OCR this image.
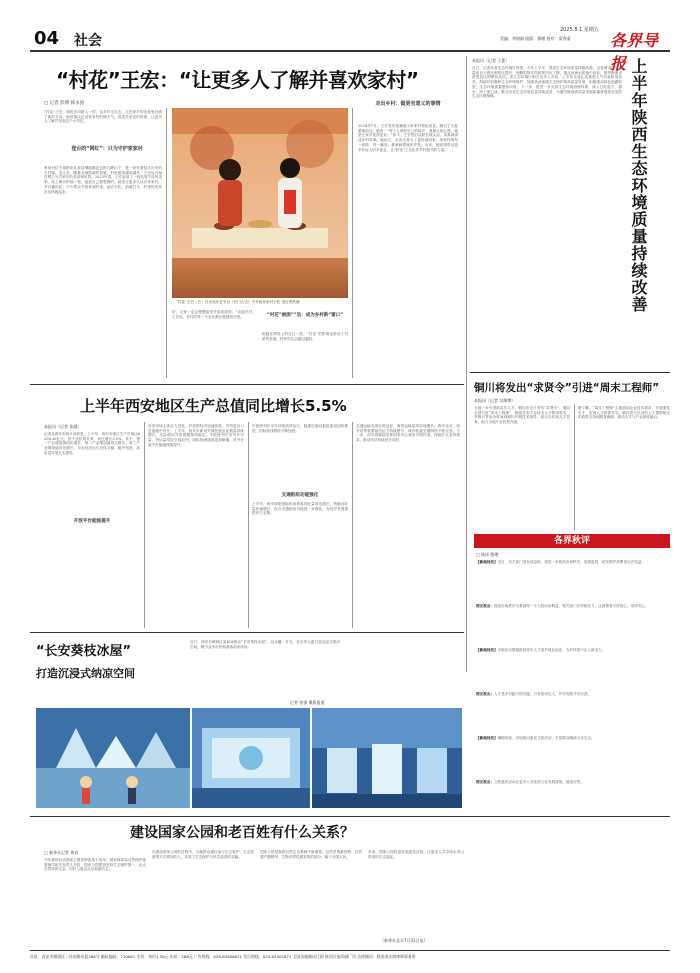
04 社会
2025.8.1 星期五
美编：李娟娟 组版：邢雁 校对：梁秀丽 各界导报
“村花”王宏：“让更多人了解并喜欢家村”
□ 记者 彭博 韩永国
“村花”王宏，和很多同龄人一样，从乡村走出去，又在家乡的变化里找到了新的方向。她用镜头记录家家村的烟火气，讲述乡亲们的故事，让更多人了解并喜欢这个小村庄。
登台的“网红”：只为守护家家村
家家村位于咸阳市礼泉县烟霞镇北边的九嵕山下，是一处有着悠久历史的古村落。近几年，随着全域旅游的发展，村里游客越来越多，王宏也开始在网上分享家乡的美食和风景。2023年春，王宏参加了一档电视节目的录制，站上舞台的那一刻，她说自己最想做的，就是让更多人认识家家村。节目播出后，不少观众专程来到村里，品尝小吃、拍照打卡，村里的农家乐也热闹起来。
“村花”王宏（右）在央视综艺节目《开门大吉》中介绍家家村小吃 受访者供图
好，大家一定会慢慢接受并喜欢我的。”谈起乡村，王宏说，乡村的每一个变化都让她感到自豪。	“村花”被困“”后：成为乡村新“窗口”
和她在网络上的走红一样，“村花”的影响也带动了村里的发展，村民的生活越过越好。
走出乡村：做更有意义的事情
2024年7月，王宏发布视频展示家家村特色美食，吸引了大批游客前往。她说：“每个人都有自己的故乡，我最大的心愿，就是让家乡变得更好。”如今，王宏依旧活跃在镜头前，用真诚讲述乡村故事。她坦言，走出去是为了更好地回来，家家村的每一块砖、每一碗饭，都承载着她的乡愁。未来，她希望带动更多年轻人回乡创业，让“村花”之名化作乡村振兴的力量。
本报讯（记者 王蕾）
近日，记者从省生态环境厅获悉，今年上半年，我省生态环境质量持续改善。全省城市空气质量优良天数比例同比提升，细颗粒物平均浓度同比下降，重点河流水质稳中向好，国考断面水质优良比例保持高位。省生态环境厅相关负责人介绍，上半年全省扎实推进大气污染防治攻坚，持续开展秦岭生态环境保护，加强黄河流域生态保护和高质量发展，积极推动绿色低碳转型，生态环境质量整体向好。下一步，将进一步完善生态环境治理体系，深入打好蓝天、碧水、净土保卫战，推动全省生态环境质量持续改善，为谱写陕西高质量发展新篇章提供坚实的生态环境保障。	上半年陕西生态环境质量持续改善
上半年西安地区生产总值同比增长5.5%
本报讯（记者 张涵）
记者从西安市统计局获悉，上半年，西安市地区生产总值达6358.36亿元，按不变价格计算，同比增长5.5%。其中，第一产业增加值同比增长，第二产业增加值同比增长，第三产业增加值同比增长。全市经济运行总体平稳、稳中有进，高质量发展扎实推进。
开放平台能级提升
各类市场主体活力迸发，开放型经济加速发展，外贸进出口总值稳中有升。上半年，西安市新设外商投资企业数量持续增长，实际使用外资规模保持稳定。中欧班列长安号开行量、货运量均居全国前列，国际物流通道更加畅通，对外开放平台能级持续提升。
中欧班列长安号持续高效运行，陆港空港双枢纽建设加快推进，国际航线网络不断加密。
交通枢纽功能强化
上半年，西安咸阳国际机场旅客吞吐量同比增长，货邮吞吐量快速增长，综合交通枢纽功能进一步强化，为经济发展提供有力支撑。
交通运输发展态势良好，客货运输量均实现增长。西安北站、西安站等重要枢纽运力持续提升，城市轨道交通网络不断完善。下一步，西安将继续发挥国家中心城市引领作用，持续扩大有效需求，推动经济持续回升向好。
铜川将发出“求贤令”引进“周末工程师”
本报讯（记者 吴维博）
为进一步引进高层次人才，铜川市近日发布“求贤令”，面向全国引进“周末工程师”，鼓励各类专业技术人才利用周末、节假日等业余时间到铜川开展技术指导、项目合作和人才培养，助力当地产业转型升级。
据了解，“周末工程师”主要面向企业技术需求，开展柔性引才，实现人才资源共享。铜川将为引进的人才提供相应的政策支持和服务保障，推动人才与产业深度融合。
各界秋评
□ 杨泽 整理
【新闻回放】近日，有关部门发布消息称，将进一步规范市场秩序，加强监管，切实维护消费者合法权益。
网友观点：规范市场秩序关系到每一个人的切身利益，相关部门应持续发力，让消费者买得放心、用得安心。
【新闻回放】多地出台措施鼓励青年人才返乡就业创业，为乡村振兴注入新活力。
网友观点：人才是乡村振兴的关键，只有留得住人，乡村发展才有后劲。
【新闻回放】暑期来临，多地推出惠民文旅活动，丰富群众精神文化生活。
网友观点：文旅惠民活动让更多人享受到文化发展成果，值得点赞。
“长安葵枝冰屋”
打造沉浸式纳凉空间
近日，西安市碑林区某商场推出“长安葵枝冰屋”，以冰雕、灯光、音乐等元素打造沉浸式纳凉空间，吸引众多市民和游客前来体验。
记者 张强 摄影报道
建设国家公园和老百姓有什么关系？
□ 新华社记者 黄启
今年我国启动国家公园体制改革十周年。国家林草局自然保护地管理司相关负责人介绍，国家公园建设坚持生态保护第一，让大自然休养生息，同时与周边社区和谐共生。
在建设国家公园的过程中，当地群众通过参与生态管护、生态旅游等方式增加收入，实现了生态保护与民生改善的双赢。
国家公园是我国自然生态系统中最重要、自然景观最独特、自然遗产最精华、生物多样性最富集的部分，属于全国人民。
未来，国家公园将更好地惠及百姓，让更多人共享绿水青山带来的生态福祉。
（新华社北京7月31日电）
社址：西安市雁塔区二环南路东段388号 邮政编码：710061 定价：每份1.30元 年价：268元 广告热线：029-63908671 发行热线：029-63302671 全国各地邮局订阅 陕西日报印刷厂印 法律顾问：陕西省法润律师事务所
